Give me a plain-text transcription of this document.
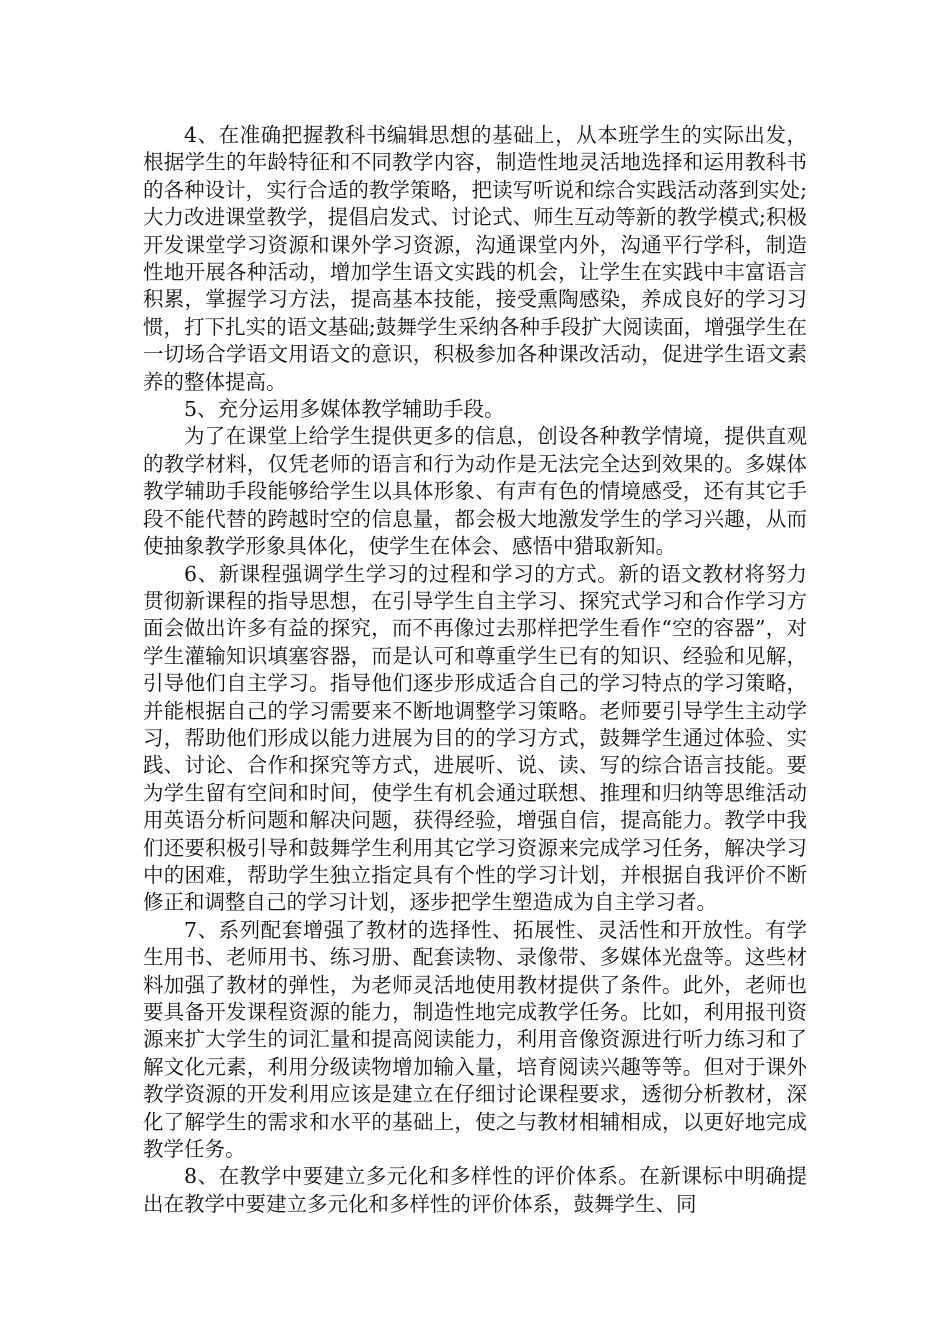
4、在准确把握教科书编辑思想的基础上，从本班学生的实际出发，根据学生的年龄特征和不同教学内容，制造性地灵活地选择和运用教科书的各种设计，实行合适的教学策略，把读写听说和综合实践活动落到实处;大力改进课堂教学，提倡启发式、讨论式、师生互动等新的教学模式;积极开发课堂学习资源和课外学习资源，沟通课堂内外，沟通平行学科，制造性地开展各种活动，增加学生语文实践的机会，让学生在实践中丰富语言积累，掌握学习方法，提高基本技能，接受熏陶感染，养成良好的学习习惯，打下扎实的语文基础;鼓舞学生采纳各种手段扩大阅读面，增强学生在一切场合学语文用语文的意识，积极参加各种课改活动，促进学生语文素养的整体提高。

5、充分运用多媒体教学辅助手段。

为了在课堂上给学生提供更多的信息，创设各种教学情境，提供直观的教学材料，仅凭老师的语言和行为动作是无法完全达到效果的。多媒体教学辅助手段能够给学生以具体形象、有声有色的情境感受，还有其它手段不能代替的跨越时空的信息量，都会极大地激发学生的学习兴趣，从而使抽象教学形象具体化，使学生在体会、感悟中猎取新知。

6、新课程强调学生学习的过程和学习的方式。新的语文教材将努力贯彻新课程的指导思想，在引导学生自主学习、探究式学习和合作学习方面会做出许多有益的探究，而不再像过去那样把学生看作“空的容器”，对学生灌输知识填塞容器，而是认可和尊重学生已有的知识、经验和见解，引导他们自主学习。指导他们逐步形成适合自己的学习特点的学习策略，并能根据自己的学习需要来不断地调整学习策略。老师要引导学生主动学习，帮助他们形成以能力进展为目的的学习方式，鼓舞学生通过体验、实践、讨论、合作和探究等方式，进展听、说、读、写的综合语言技能。要为学生留有空间和时间，使学生有机会通过联想、推理和归纳等思维活动用英语分析问题和解决问题，获得经验，增强自信，提高能力。教学中我们还要积极引导和鼓舞学生利用其它学习资源来完成学习任务，解决学习中的困难，帮助学生独立指定具有个性的学习计划，并根据自我评价不断修正和调整自己的学习计划，逐步把学生塑造成为自主学习者。

7、系列配套增强了教材的选择性、拓展性、灵活性和开放性。有学生用书、老师用书、练习册、配套读物、录像带、多媒体光盘等。这些材料加强了教材的弹性，为老师灵活地使用教材提供了条件。此外，老师也要具备开发课程资源的能力，制造性地完成教学任务。比如，利用报刊资源来扩大学生的词汇量和提高阅读能力，利用音像资源进行听力练习和了解文化元素，利用分级读物增加输入量，培育阅读兴趣等等。但对于课外教学资源的开发利用应该是建立在仔细讨论课程要求，透彻分析教材，深化了解学生的需求和水平的基础上，使之与教材相辅相成，以更好地完成教学任务。

8、在教学中要建立多元化和多样性的评价体系。在新课标中明确提出在教学中要建立多元化和多样性的评价体系，鼓舞学生、同
